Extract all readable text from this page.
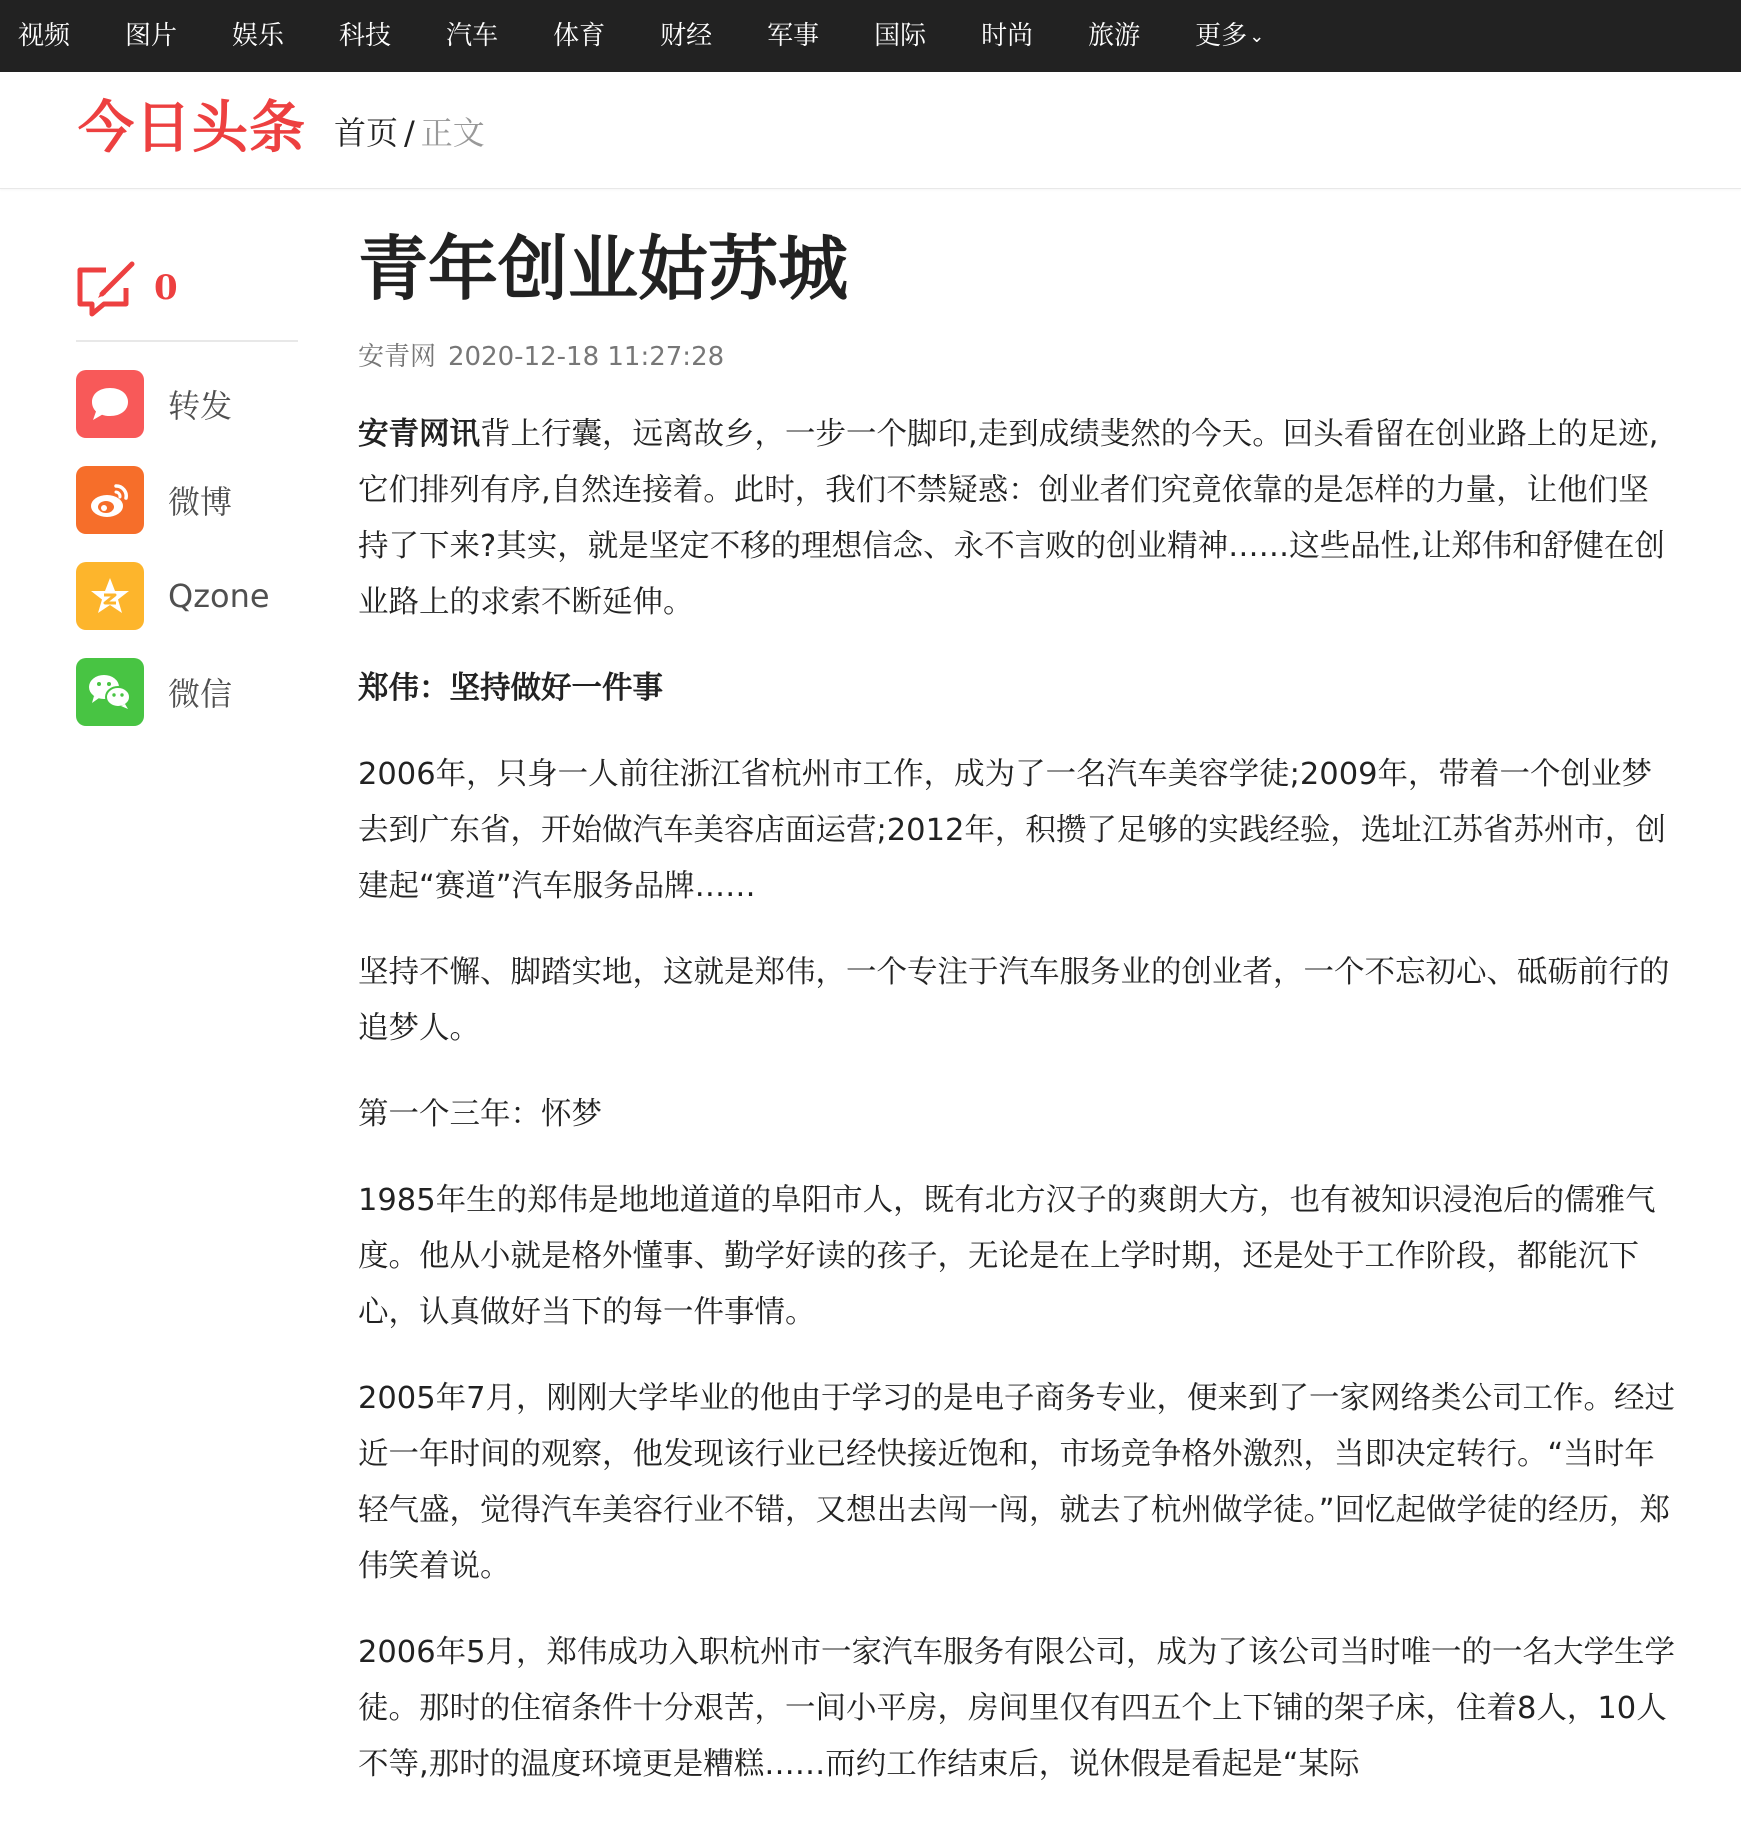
视频	图片	娱乐	科技	汽车	体育	财经	军事	国际	时尚	旅游	更多 ⌄
今日头条 首页 / 正文
0
转发
微博
Qzone
微信
青年创业姑苏城
安青网 2020-12-18 11:27:28

安青网讯背上行囊，远离故乡，一步一个脚印,走到成绩斐然的今天。回头看留在创业路上的足迹,它们排列有序,自然连接着。此时，我们不禁疑惑：创业者们究竟依靠的是怎样的力量，让他们坚持了下来?其实，就是坚定不移的理想信念、永不言败的创业精神……这些品性,让郑伟和舒健在创业路上的求索不断延伸。

郑伟：坚持做好一件事

2006年，只身一人前往浙江省杭州市工作，成为了一名汽车美容学徒;2009年，带着一个创业梦去到广东省，开始做汽车美容店面运营;2012年，积攒了足够的实践经验，选址江苏省苏州市，创建起“赛道”汽车服务品牌……

坚持不懈、脚踏实地，这就是郑伟，一个专注于汽车服务业的创业者，一个不忘初心、砥砺前行的追梦人。

第一个三年：怀梦

1985年生的郑伟是地地道道的阜阳市人，既有北方汉子的爽朗大方，也有被知识浸泡后的儒雅气度。他从小就是格外懂事、勤学好读的孩子，无论是在上学时期，还是处于工作阶段，都能沉下心，认真做好当下的每一件事情。

2005年7月，刚刚大学毕业的他由于学习的是电子商务专业，便来到了一家网络类公司工作。经过近一年时间的观察，他发现该行业已经快接近饱和，市场竞争格外激烈，当即决定转行。“当时年轻气盛，觉得汽车美容行业不错，又想出去闯一闯，就去了杭州做学徒。”回忆起做学徒的经历，郑伟笑着说。

2006年5月，郑伟成功入职杭州市一家汽车服务有限公司，成为了该公司当时唯一的一名大学生学徒。那时的住宿条件十分艰苦，一间小平房，房间里仅有四五个上下铺的架子床，住着8人，10人不等,那时的温度环境更是糟糕……而约工作结束后，说休假是看起是“某际
